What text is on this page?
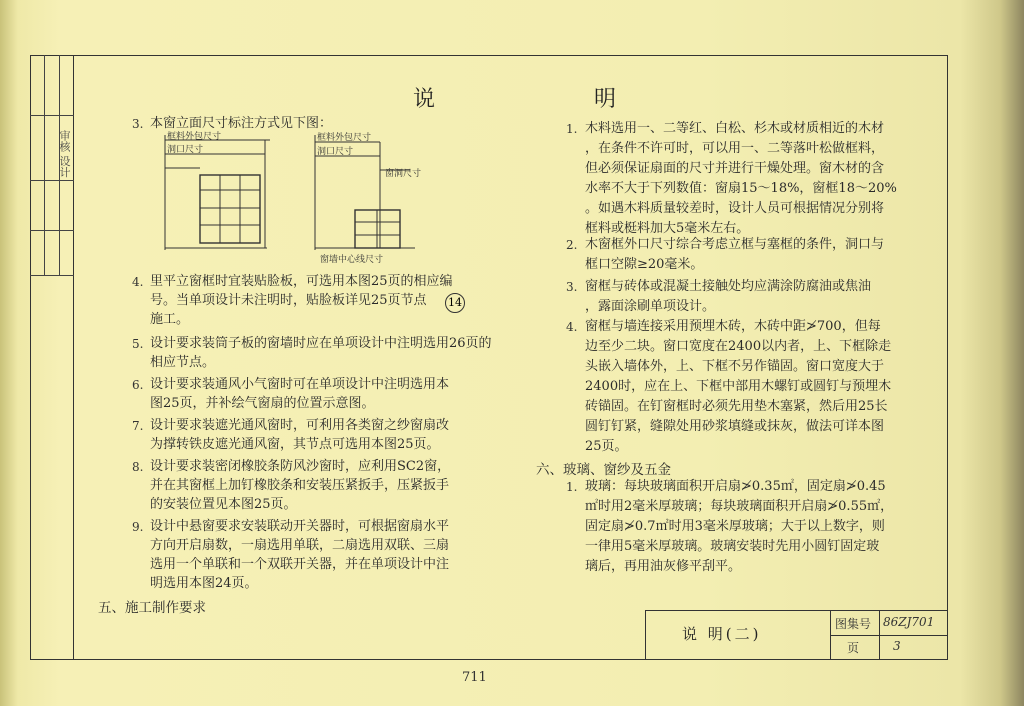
审核 设计
说	明
3. 本窗立面尺寸标注方式见下图：
框料外包尺寸
洞口尺寸
框料外包尺寸
洞口尺寸
窗洞尺寸
窗墙中心线尺寸
4. 里平立窗框时宜装贴脸板，可选用本图25页的相应编
号。当单项设计未注明时，贴脸板详见25页节点 14
施工。
5. 设计要求装筒子板的窗墙时应在单项设计中注明选用26页的
相应节点。
6. 设计要求装通风小气窗时可在单项设计中注明选用本
图25页，并补绘气窗扇的位置示意图。
7. 设计要求装遮光通风窗时，可利用各类窗之纱窗扇改
为撑转铁皮遮光通风窗，其节点可选用本图25页。
8. 设计要求装密闭橡胶条防风沙窗时，应利用SC2窗，
并在其窗框上加钉橡胶条和安装压紧扳手，压紧扳手
的安装位置见本图25页。
9. 设计中悬窗要求安装联动开关器时，可根据窗扇水平
方向开启扇数，一扇选用单联，二扇选用双联、三扇
选用一个单联和一个双联开关器，并在单项设计中注
明选用本图24页。
五、施工制作要求
1. 木料选用一、二等红、白松、杉木或材质相近的木材
，在条件不许可时，可以用一、二等落叶松做框料，
但必须保证扇面的尺寸并进行干燥处理。窗木材的含
水率不大于下列数值：窗扇15～18%，窗框18～20%
。如遇木料质量较差时，设计人员可根据情况分别将
框料或梃料加大5毫米左右。
2. 木窗框外口尺寸综合考虑立框与塞框的条件，洞口与
框口空隙≥20毫米。
3. 窗框与砖体或混凝土接触处均应满涂防腐油或焦油
，露面涂刷单项设计。
4. 窗框与墙连接采用预埋木砖，木砖中距≯700，但每
边至少二块。窗口宽度在2400以内者，上、下框除走
头嵌入墙体外，上、下框不另作锚固。窗口宽度大于
2400时，应在上、下框中部用木螺钉或圆钉与预埋木
砖锚固。在钉窗框时必须先用垫木塞紧，然后用25长
圆钉钉紧，缝隙处用砂浆填缝或抹灰，做法可详本图
25页。
六、玻璃、窗纱及五金
1. 玻璃：每块玻璃面积开启扇≯0.35㎡，固定扇≯0.45
㎡时用2毫米厚玻璃；每块玻璃面积开启扇≯0.55㎡，
固定扇≯0.7㎡时用3毫米厚玻璃；大于以上数字，则
一律用5毫米厚玻璃。玻璃安装时先用小圆钉固定玻
璃后，再用油灰修平刮平。
说 明(二)
图集号 86ZJ701
页	3
711
